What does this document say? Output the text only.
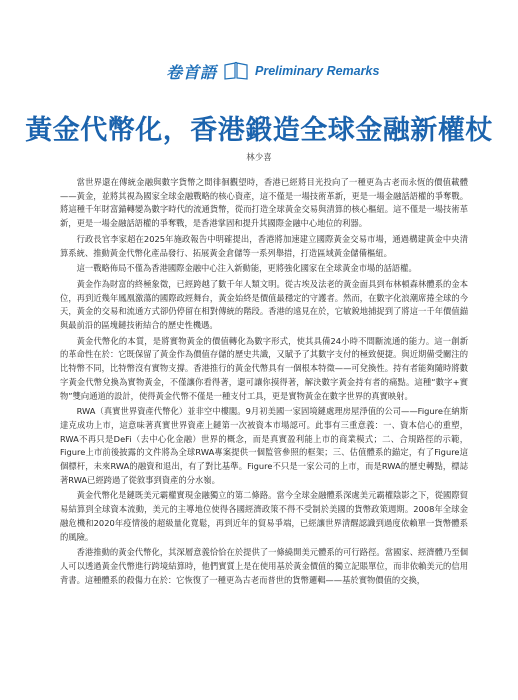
卷首語	Preliminary Remarks
黃金代幣化，香港鍛造全球金融新權杖
林少喜

當世界還在傳統金融與數字貨幣之間徘徊觀望時，香港已經將目光投向了一種更為古老而永恆的價值載體——黃金，並將其視為國家全球金融戰略的核心資產，這不僅是一場技術革新，更是一場金融話語權的爭奪戰。將這種千年財富錨轉變為數字時代的流通貨幣，從而打造全球黃金交易與清算的核心樞紐。這不僅是一場技術革新，更是一場金融話語權的爭奪戰，是香港掌固和提升其國際金融中心地位的利器。

行政長官李家超在2025年施政報告中明確提出，香港將加速建立國際黃金交易市場，通過構建黃金中央清算系統、推動黃金代幣化產品發行、拓展黃金倉儲等一系列舉措，打造區域黃金儲備樞紐。

這一戰略佈局不僅為香港國際金融中心注入新動能，更將強化國家在全球黃金市場的話語權。

黃金作為財富的終極象徵，已經跨越了數千年人類文明。從古埃及法老的黃金面具到布林頓森林體系的金本位，再到近幾年鳳凰激蕩的國際政經舞台，黃金始終是價值最穩定的守護者。然而，在數字化浪潮席捲全球的今天，黃金的交易和流通方式卻仍停留在相對傳統的階段。香港的遠見在於，它敏銳地捕捉到了將這一千年價值錨與最前沿的區塊鏈技術結合的歷史性機遇。

黃金代幣化的本質，是將實物黃金的價值轉化為數字形式，使其具備24小時不間斷流通的能力。這一創新的革命性在於：它既保留了黃金作為價值存儲的歷史共識，又賦予了其數字支付的極致便捷。與近期備受關注的比特幣不同，比特幣沒有實物支撐。香港推行的黃金代幣具有一個根本特徵——可兌換性。持有者能夠隨時將數字黃金代幣兌換為實物黃金，不僅讓你看得著，還可讓你摸得著，解決數字黃金持有者的痛點。這種“數字+實物”雙向通道的設計，使得黃金代幣不僅是一種支付工具，更是實物黃金在數字世界的真實映射。

RWA（真實世界資產代幣化）並非空中樓閣。9月初美國一家固境鏈處理房屋淨值的公司——Figure在納斯達克成功上市，這意味著真實世界資產上鏈第一次被資本市場認可。此事有三重意義：一、資本信心的重塑，RWA不再只是DeFi（去中心化金融）世界的概念，而是真實盈利能上市的商業模式；二、合規路徑的示範，Figure上市前後披露的文件將為全球RWA專案提供一個監管參照的框架；三、估值體系的錨定，有了Figure這個標杆，未來RWA的融資和退出，有了對比基準。Figure不只是一家公司的上市，而是RWA的歷史轉點，標誌著RWA已經跨過了從敘事到資產的分水嶺。

黃金代幣化是鏈既美元霸權實現金融獨立的第二條路。當今全球金融體系深處美元霸權陰影之下，從國際貿易結算到全球資本流動，美元的主導地位使得各國經濟政策不得不受制於美國的貨幣政策週期。2008年全球金融危機和2020年疫情後的超級量化寬鬆，再到近年的貿易爭端，已經讓世界清醒認識到過度依賴單一貨幣體系的風險。

香港推動的黃金代幣化，其深層意義恰恰在於提供了一條繞開美元體系的可行路徑。當國家、經濟體乃至個人可以透過黃金代幣進行跨境結算時，他們實質上是在使用基於黃金價值的獨立記賬單位，而非依賴美元的信用背書。這種體系的殺傷力在於：它恢復了一種更為古老而普世的貨幣邏輯——基於實物價值的交換，
